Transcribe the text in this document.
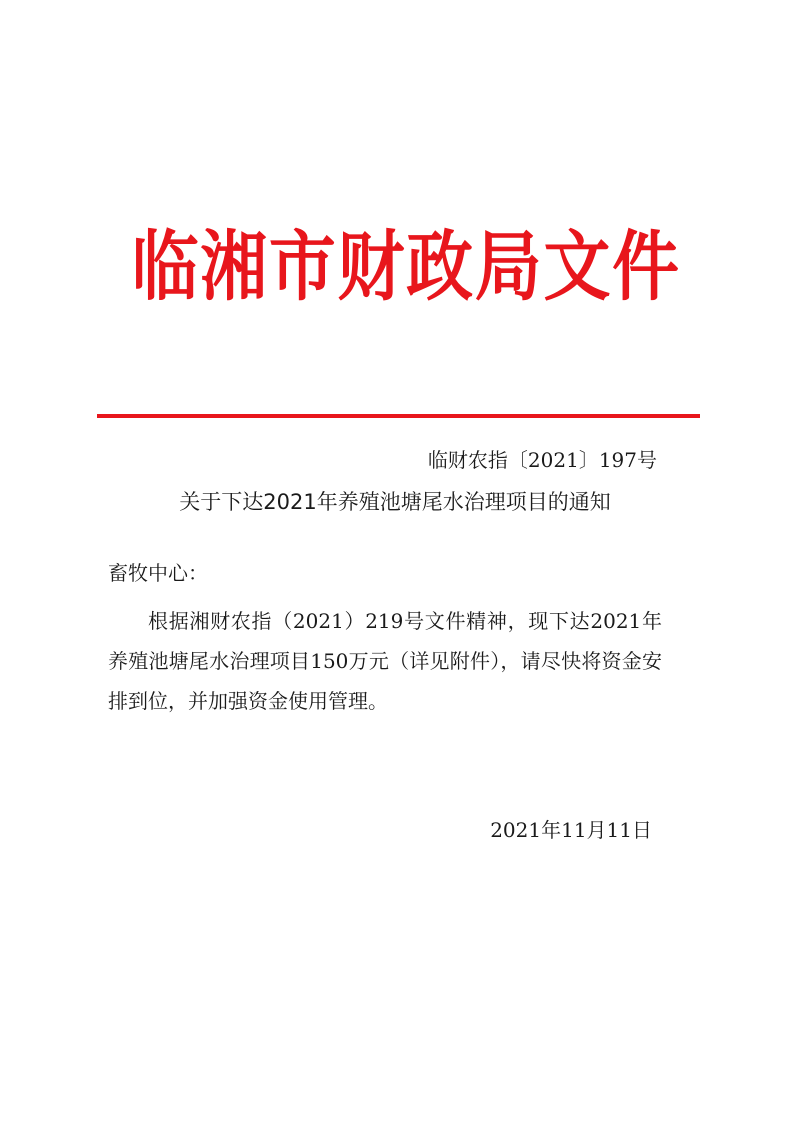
临湘市财政局文件
临财农指〔2021〕197号
关于下达2021年养殖池塘尾水治理项目的通知
畜牧中心：
根据湘财农指（2021）219号文件精神，现下达2021年养殖池塘尾水治理项目150万元（详见附件），请尽快将资金安排到位，并加强资金使用管理。
2021年11月11日
